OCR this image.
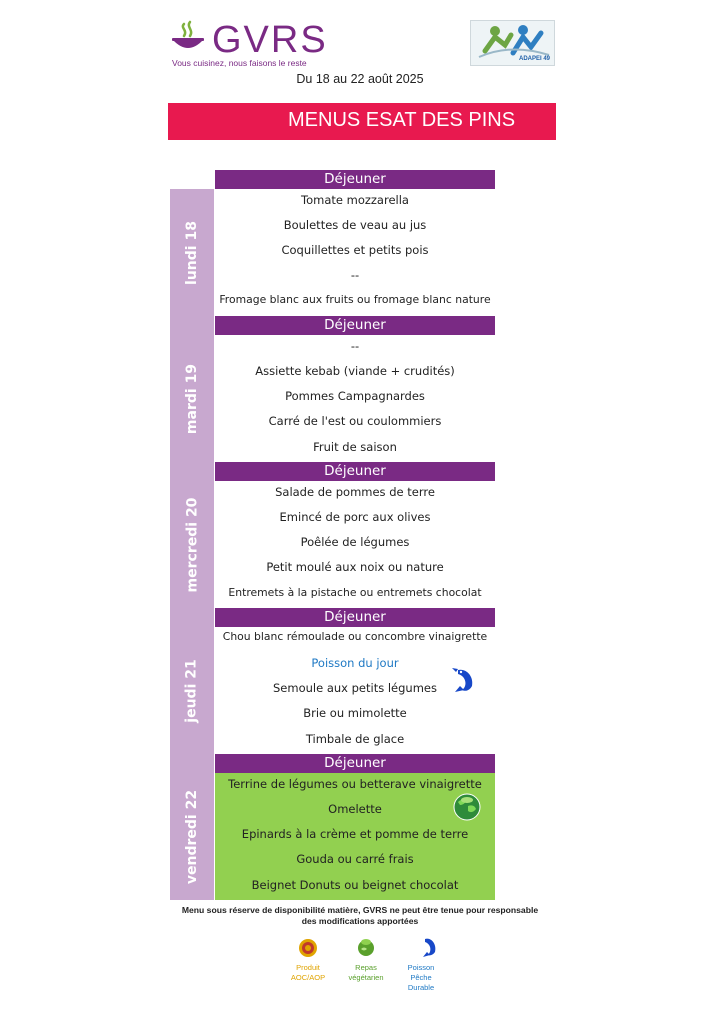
GVRS
Vous cuisinez, nous faisons le reste	ADAPEI 49
Du 18 au 22 août 2025
MENUS ESAT DES PINS
lundi 18
mardi 19
mercredi 20
jeudi 21
vendredi 22
Déjeuner
Déjeuner
Déjeuner
Déjeuner
Déjeuner
Tomate mozzarella
Boulettes de veau au jus
Coquillettes et petits pois
--
Fromage blanc aux fruits ou fromage blanc nature
--
Assiette kebab (viande + crudités)
Pommes Campagnardes
Carré de l'est ou coulommiers
Fruit de saison
Salade de pommes de terre
Emincé de porc aux olives
Poêlée de légumes
Petit moulé aux noix ou nature
Entremets à la pistache ou entremets chocolat
Chou blanc rémoulade ou concombre vinaigrette
Poisson du jour
Semoule aux petits légumes
Brie ou mimolette
Timbale de glace
Terrine de légumes ou betterave vinaigrette
Omelette
Epinards à la crème et pomme de terre
Gouda ou carré frais
Beignet Donuts ou beignet chocolat
Menu sous réserve de disponibilité matière, GVRS ne peut être tenue pour responsable
des modifications apportées
Produit
AOC/AOP
Repas
végétarien
Poisson
Pêche
Durable
